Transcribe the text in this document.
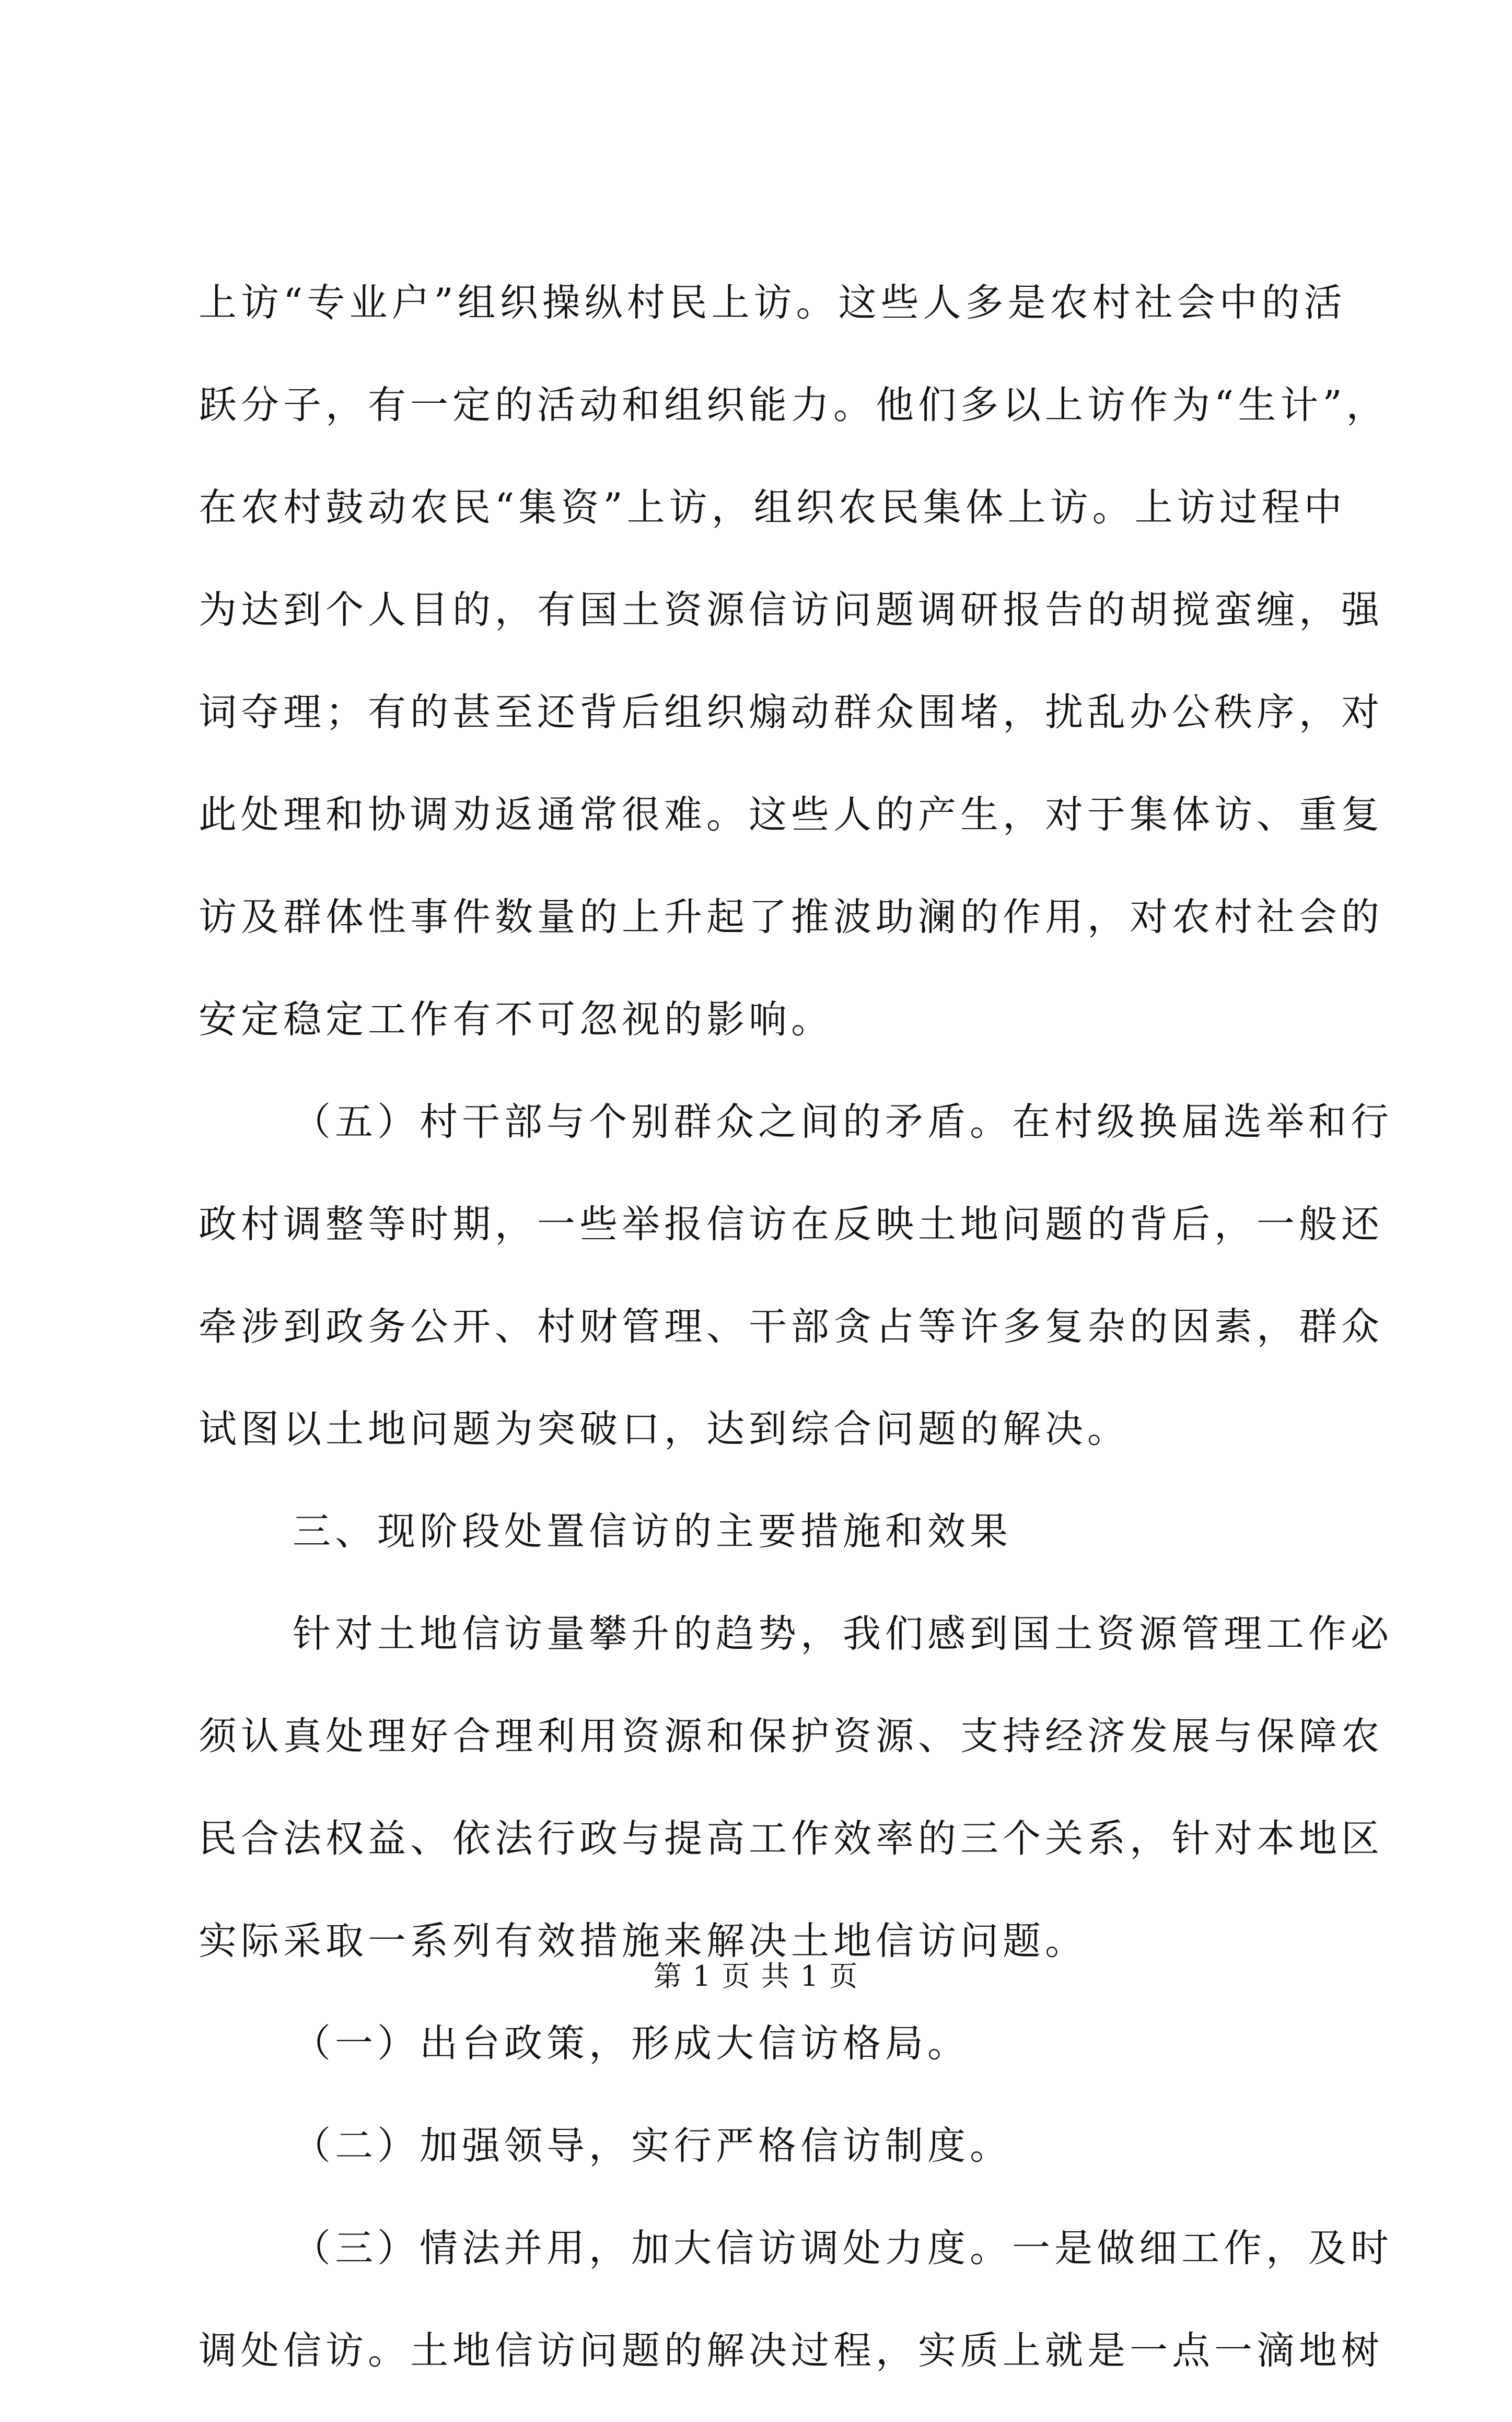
上访“专业户”组织操纵村民上访。这些人多是农村社会中的活
跃分子，有一定的活动和组织能力。他们多以上访作为“生计”，
在农村鼓动农民“集资”上访，组织农民集体上访。上访过程中
为达到个人目的，有国土资源信访问题调研报告的胡搅蛮缠，强
词夺理；有的甚至还背后组织煽动群众围堵，扰乱办公秩序，对
此处理和协调劝返通常很难。这些人的产生，对于集体访、重复
访及群体性事件数量的上升起了推波助澜的作用，对农村社会的
安定稳定工作有不可忽视的影响。
（五）村干部与个别群众之间的矛盾。在村级换届选举和行
政村调整等时期，一些举报信访在反映土地问题的背后，一般还
牵涉到政务公开、村财管理、干部贪占等许多复杂的因素，群众
试图以土地问题为突破口，达到综合问题的解决。
三、现阶段处置信访的主要措施和效果
针对土地信访量攀升的趋势，我们感到国土资源管理工作必
须认真处理好合理利用资源和保护资源、支持经济发展与保障农
民合法权益、依法行政与提高工作效率的三个关系，针对本地区
实际采取一系列有效措施来解决土地信访问题。
（一）出台政策，形成大信访格局。
（二）加强领导，实行严格信访制度。
（三）情法并用，加大信访调处力度。一是做细工作，及时
调处信访。土地信访问题的解决过程，实质上就是一点一滴地树
第 1 页 共 1 页
